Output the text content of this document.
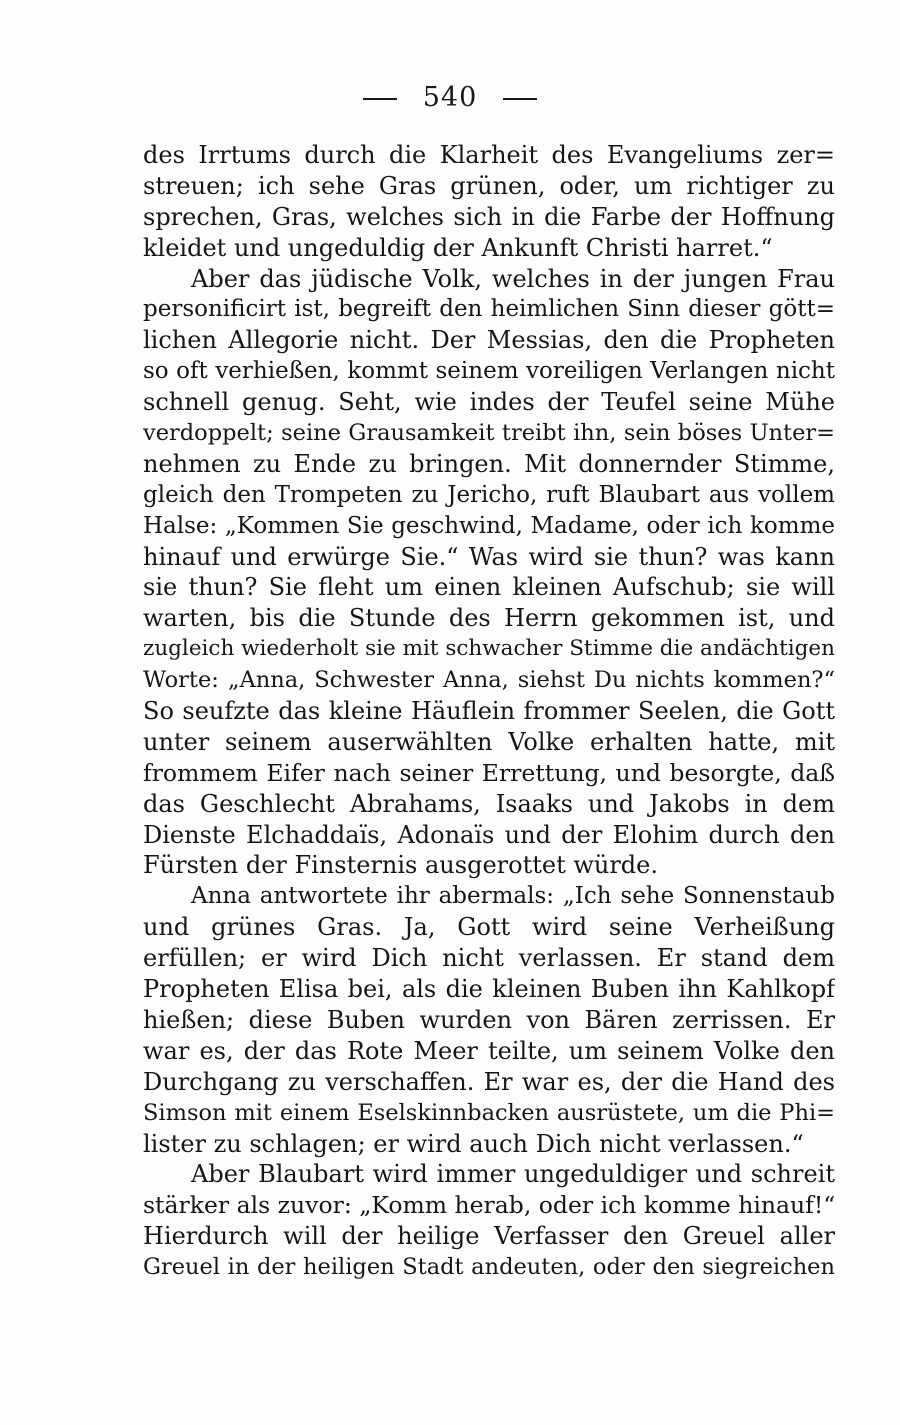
540
des Irrtums durch die Klarheit des Evangeliums zer=
streuen; ich sehe Gras grünen, oder, um richtiger zu
sprechen, Gras, welches sich in die Farbe der Hoffnung
kleidet und ungeduldig der Ankunft Christi harret.“
Aber das jüdische Volk, welches in der jungen Frau
personificirt ist, begreift den heimlichen Sinn dieser gött=
lichen Allegorie nicht. Der Messias, den die Propheten
so oft verhießen, kommt seinem voreiligen Verlangen nicht
schnell genug. Seht, wie indes der Teufel seine Mühe
verdoppelt; seine Grausamkeit treibt ihn, sein böses Unter=
nehmen zu Ende zu bringen. Mit donnernder Stimme,
gleich den Trompeten zu Jericho, ruft Blaubart aus vollem
Halse: „Kommen Sie geschwind, Madame, oder ich komme
hinauf und erwürge Sie.“ Was wird sie thun? was kann
sie thun? Sie fleht um einen kleinen Aufschub; sie will
warten, bis die Stunde des Herrn gekommen ist, und
zugleich wiederholt sie mit schwacher Stimme die andächtigen
Worte: „Anna, Schwester Anna, siehst Du nichts kommen?“
So seufzte das kleine Häuflein frommer Seelen, die Gott
unter seinem auserwählten Volke erhalten hatte, mit
frommem Eifer nach seiner Errettung, und besorgte, daß
das Geschlecht Abrahams, Isaaks und Jakobs in dem
Dienste Elchaddaïs, Adonaïs und der Elohim durch den
Fürsten der Finsternis ausgerottet würde.
Anna antwortete ihr abermals: „Ich sehe Sonnenstaub
und grünes Gras. Ja, Gott wird seine Verheißung
erfüllen; er wird Dich nicht verlassen. Er stand dem
Propheten Elisa bei, als die kleinen Buben ihn Kahlkopf
hießen; diese Buben wurden von Bären zerrissen. Er
war es, der das Rote Meer teilte, um seinem Volke den
Durchgang zu verschaffen. Er war es, der die Hand des
Simson mit einem Eselskinnbacken ausrüstete, um die Phi=
lister zu schlagen; er wird auch Dich nicht verlassen.“
Aber Blaubart wird immer ungeduldiger und schreit
stärker als zuvor: „Komm herab, oder ich komme hinauf!“
Hierdurch will der heilige Verfasser den Greuel aller
Greuel in der heiligen Stadt andeuten, oder den siegreichen
